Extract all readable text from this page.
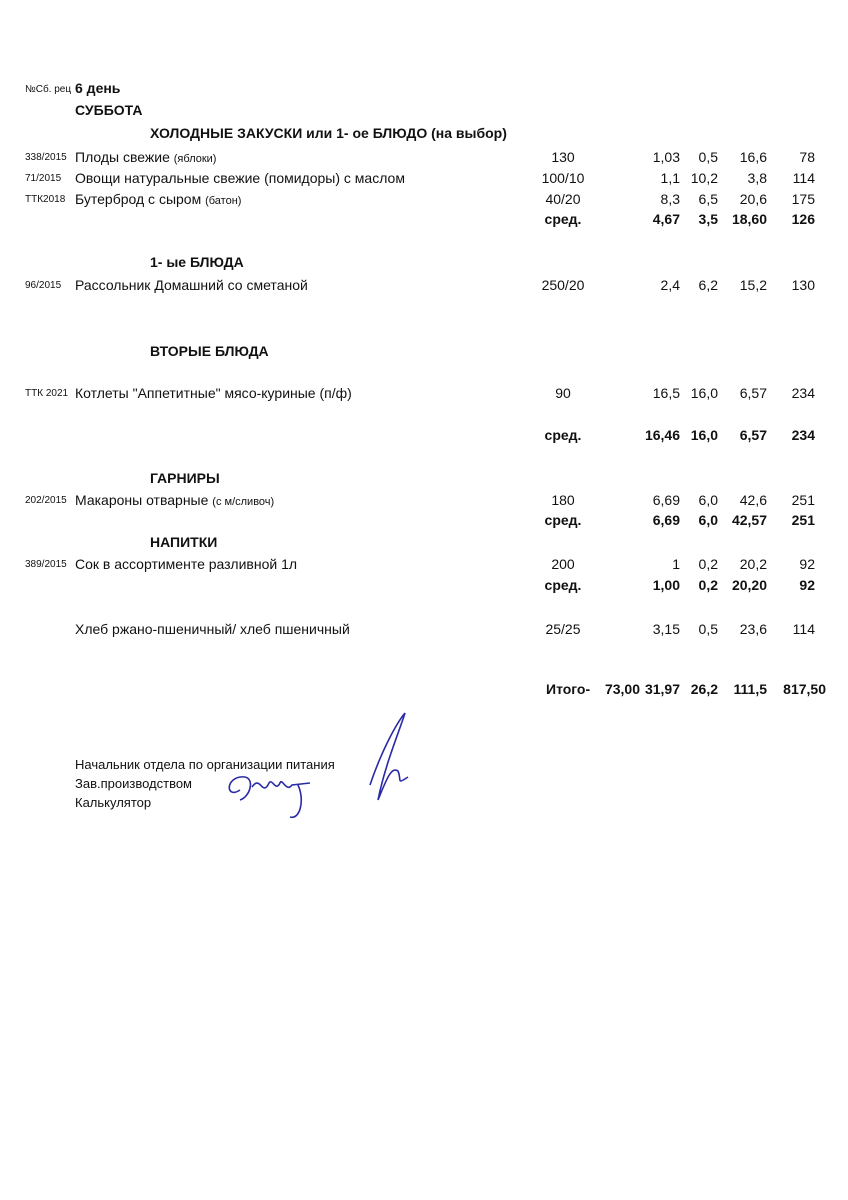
№Сб. рец 6 день
СУББОТА
ХОЛОДНЫЕ ЗАКУСКИ или 1- ое БЛЮДО (на выбор)
1- ые БЛЮДА
ВТОРЫЕ БЛЮДА
ГАРНИРЫ
НАПИТКИ
338/2015 Плоды свежие (яблоки)	130	1,03 0,5 16,6 78
71/2015 Овощи натуральные свежие (помидоры) с маслом	100/10	1,1 10,2 3,8 114
ТТК2018 Бутерброд с сыром (батон)	40/20	8,3 6,5 20,6 175
сред.	4,67 3,5 18,60 126
96/2015 Рассольник Домашний со сметаной	250/20	2,4 6,2 15,2 130
ТТК 2021 Котлеты "Аппетитные" мясо-куриные (п/ф)	90	16,5 16,0 6,57 234
сред.	16,46 16,0 6,57 234
202/2015 Макароны отварные (с м/сливоч)	180	6,69 6,0 42,6 251
сред.	6,69 6,0 42,57 251
389/2015 Сок в ассортименте разливной 1л	200	1 0,2 20,2 92
сред.	1,00 0,2 20,20 92
Хлеб ржано-пшеничный/ хлеб пшеничный	25/25	3,15 0,5 23,6 114
Итого- 73,00 31,97 26,2 111,5 817,50
Начальник отдела по организации питания
Зав.производством
Калькулятор
